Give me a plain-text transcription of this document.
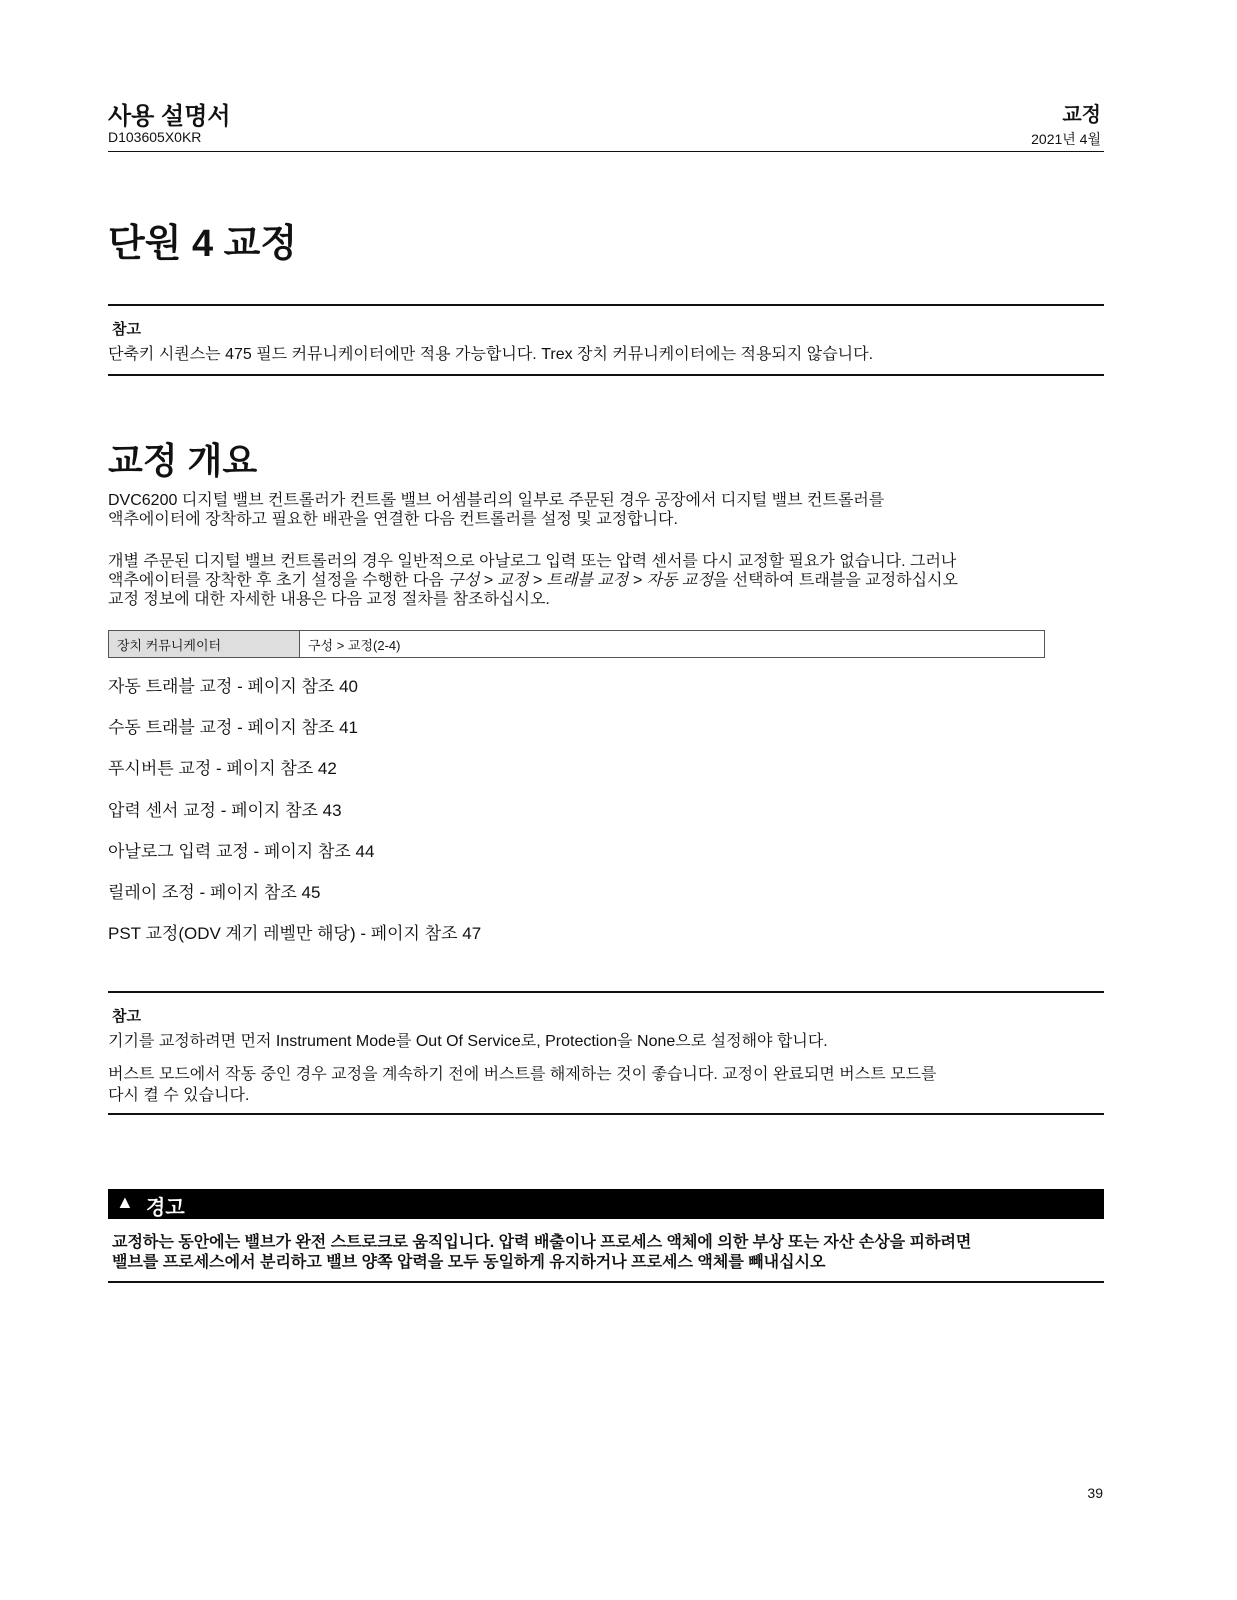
사용 설명서
D103605X0KR
교정
2021년 4월
단원 4 교정
참고
단축키 시퀀스는 475 필드 커뮤니케이터에만 적용 가능합니다. Trex 장치 커뮤니케이터에는 적용되지 않습니다.
교정 개요
DVC6200 디지털 밸브 컨트롤러가 컨트롤 밸브 어셈블리의 일부로 주문된 경우 공장에서 디지털 밸브 컨트롤러를
액추에이터에 장착하고 필요한 배관을 연결한 다음 컨트롤러를 설정 및 교정합니다.
개별 주문된 디지털 밸브 컨트롤러의 경우 일반적으로 아날로그 입력 또는 압력 센서를 다시 교정할 필요가 없습니다. 그러나
액추에이터를 장착한 후 초기 설정을 수행한 다음 구성 > 교정 > 트래블 교정 > 자동 교정을 선택하여 트래블을 교정하십시오
교정 정보에 대한 자세한 내용은 다음 교정 절차를 참조하십시오.
장치 커뮤니케이터	구성 > 교정(2-4)
자동 트래블 교정 - 페이지 참조 40
수동 트래블 교정 - 페이지 참조 41
푸시버튼 교정 - 페이지 참조 42
압력 센서 교정 - 페이지 참조 43
아날로그 입력 교정 - 페이지 참조 44
릴레이 조정 - 페이지 참조 45
PST 교정(ODV 계기 레벨만 해당) - 페이지 참조 47
참고
기기를 교정하려면 먼저 Instrument Mode를 Out Of Service로, Protection을 None으로 설정해야 합니다.
버스트 모드에서 작동 중인 경우 교정을 계속하기 전에 버스트를 해제하는 것이 좋습니다. 교정이 완료되면 버스트 모드를
다시 켤 수 있습니다.
▲ 경고
교정하는 동안에는 밸브가 완전 스트로크로 움직입니다. 압력 배출이나 프로세스 액체에 의한 부상 또는 자산 손상을 피하려면
밸브를 프로세스에서 분리하고 밸브 양쪽 압력을 모두 동일하게 유지하거나 프로세스 액체를 빼내십시오
39
